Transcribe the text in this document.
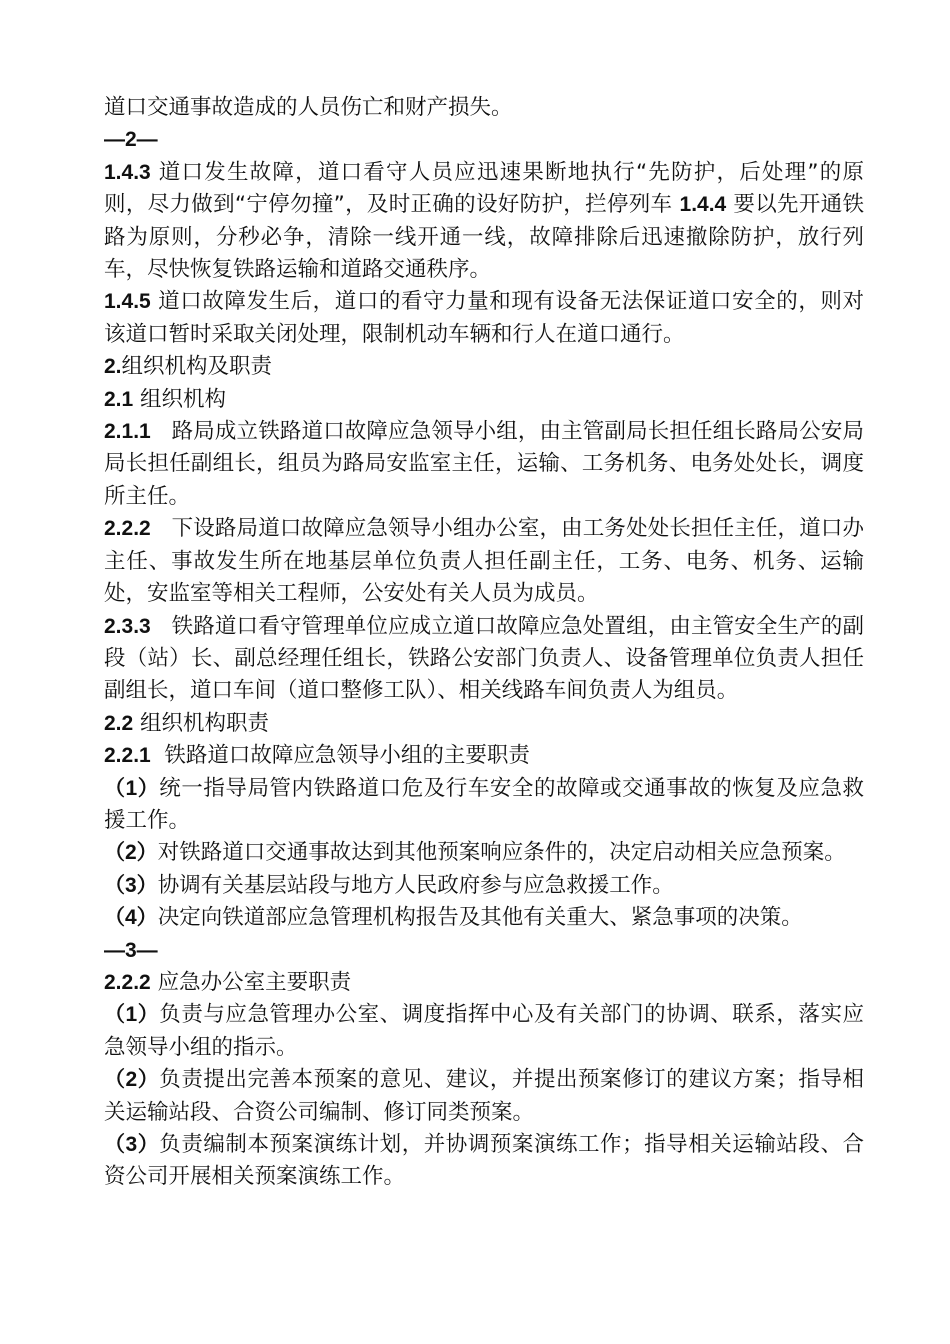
道口交通事故造成的人员伤亡和财产损失。

—2—

1.4.3 道口发生故障，道口看守人员应迅速果断地执行“先防护，后处理”的原则，尽力做到“宁停勿撞”，及时正确的设好防护，拦停列车 1.4.4 要以先开通铁路为原则，分秒必争，清除一线开通一线，故障排除后迅速撤除防护，放行列车，尽快恢复铁路运输和道路交通秩序。

1.4.5 道口故障发生后，道口的看守力量和现有设备无法保证道口安全的，则对该道口暂时采取关闭处理，限制机动车辆和行人在道口通行。

2.组织机构及职责

2.1 组织机构

2.1.1 路局成立铁路道口故障应急领导小组，由主管副局长担任组长路局公安局局长担任副组长，组员为路局安监室主任，运输、工务机务、电务处处长，调度所主任。

2.2.2 下设路局道口故障应急领导小组办公室，由工务处处长担任主任，道口办主任、事故发生所在地基层单位负责人担任副主任，工务、电务、机务、运输处，安监室等相关工程师，公安处有关人员为成员。

2.3.3 铁路道口看守管理单位应成立道口故障应急处置组，由主管安全生产的副段（站）长、副总经理任组长，铁路公安部门负责人、设备管理单位负责人担任副组长，道口车间（道口整修工队）、相关线路车间负责人为组员。

2.2 组织机构职责

2.2.1 铁路道口故障应急领导小组的主要职责

（1）统一指导局管内铁路道口危及行车安全的故障或交通事故的恢复及应急救援工作。

（2）对铁路道口交通事故达到其他预案响应条件的，决定启动相关应急预案。

（3）协调有关基层站段与地方人民政府参与应急救援工作。

（4）决定向铁道部应急管理机构报告及其他有关重大、紧急事项的决策。

—3—

2.2.2 应急办公室主要职责

（1）负责与应急管理办公室、调度指挥中心及有关部门的协调、联系，落实应急领导小组的指示。

（2）负责提出完善本预案的意见、建议，并提出预案修订的建议方案；指导相关运输站段、合资公司编制、修订同类预案。

（3）负责编制本预案演练计划，并协调预案演练工作；指导相关运输站段、合资公司开展相关预案演练工作。
